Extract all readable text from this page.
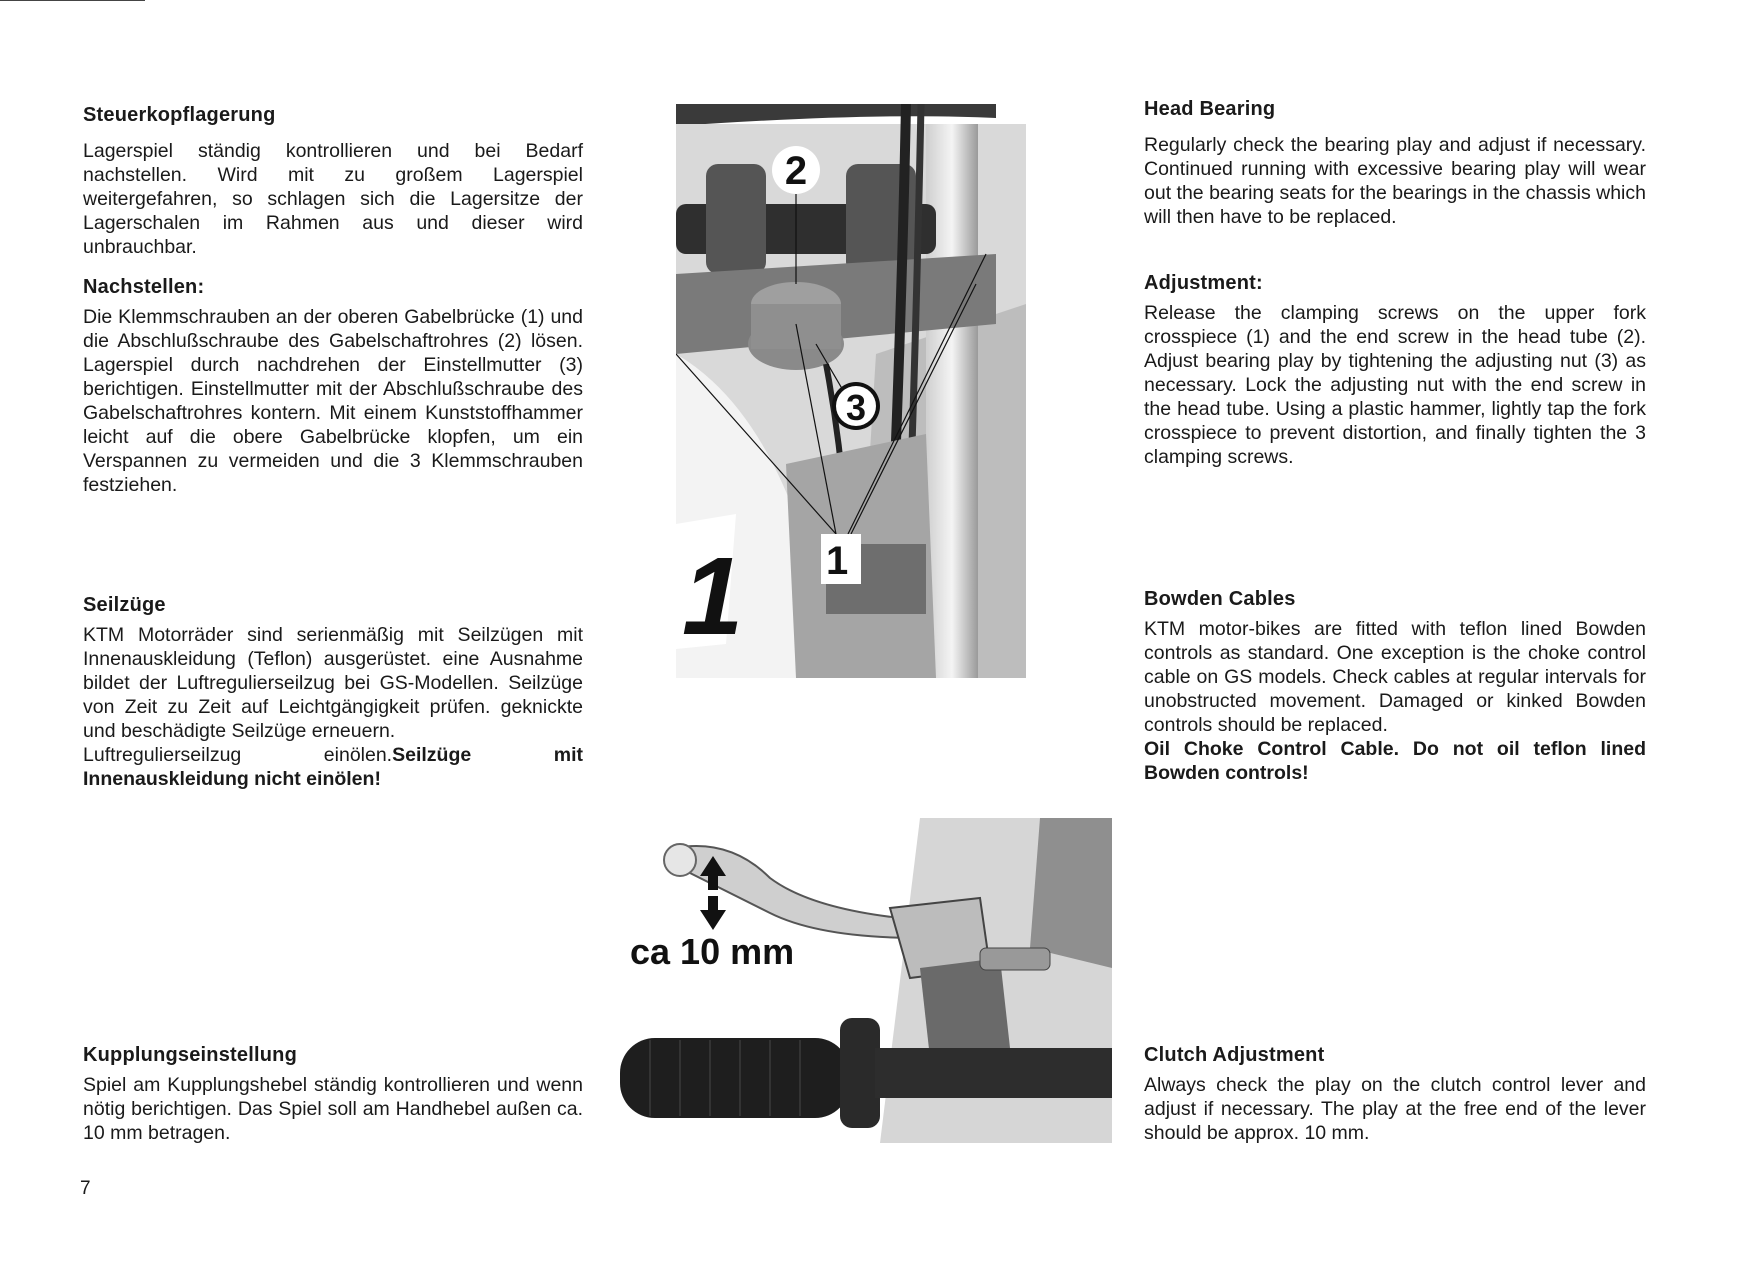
Steuerkopflagerung

Lagerspiel ständig kontrollieren und bei Bedarf nachstellen. Wird mit zu großem Lagerspiel weitergefahren, so schlagen sich die Lagersitze der Lagerschalen im Rahmen aus und dieser wird unbrauchbar.

Nachstellen:

Die Klemmschrauben an der oberen Gabelbrücke (1) und die Abschlußschraube des Gabelschaftrohres (2) lösen. Lagerspiel durch nachdrehen der Einstellmutter (3) berichtigen. Einstellmutter mit der Abschlußschraube des Gabelschaftrohres kontern. Mit einem Kunststoffhammer leicht auf die obere Gabelbrücke klopfen, um ein Verspannen zu vermeiden und die 3 Klemmschrauben festziehen.

Seilzüge

KTM Motorräder sind serienmäßig mit Seilzügen mit Innenauskleidung (Teflon) ausgerüstet. eine Ausnahme bildet der Luftregulierseilzug bei GS-Modellen. Seilzüge von Zeit zu Zeit auf Leichtgängigkeit prüfen. geknickte und beschädigte Seilzüge erneuern.

Luftregulierseilzug einölen.Seilzüge mit Innenauskleidung nicht einölen!

Kupplungseinstellung

Spiel am Kupplungshebel ständig kontrollieren und wenn nötig berichtigen. Das Spiel soll am Handhebel außen ca. 10 mm betragen.

Head Bearing

Regularly check the bearing play and adjust if necessary. Continued running with excessive bearing play will wear out the bearing seats for the bearings in the chassis which will then have to be replaced.

Adjustment:

Release the clamping screws on the upper fork crosspiece (1) and the end screw in the head tube (2). Adjust bearing play by tightening the adjusting nut (3) as necessary. Lock the adjusting nut with the end screw in the head tube. Using a plastic hammer, lightly tap the fork crosspiece to prevent distortion, and finally tighten the 3 clamping screws.

Bowden Cables

KTM motor-bikes are fitted with teflon lined Bowden controls as standard. One exception is the choke control cable on GS models. Check cables at regular intervals for unobstructed movement. Damaged or kinked Bowden controls should be replaced.

Oil Choke Control Cable. Do not oil teflon lined Bowden controls!

Clutch Adjustment

Always check the play on the clutch control lever and adjust if necessary. The play at the free end of the lever should be approx. 10 mm.

7
2
3
1
1
ca 10 mm
